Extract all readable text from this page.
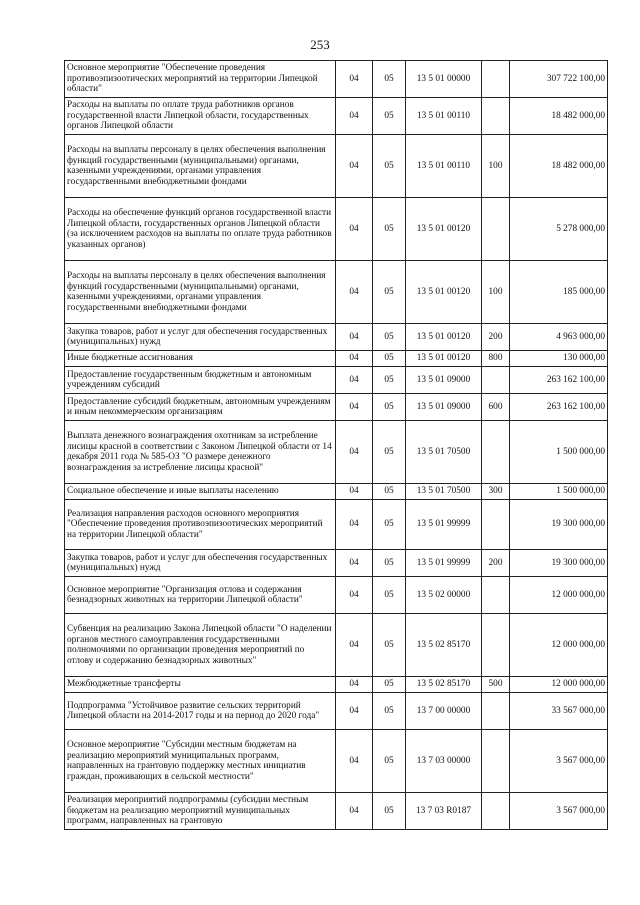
253
Основное мероприятие "Обеспечение проведения противоэпизоотических мероприятий на территории Липецкой области"	04	05	13 5 01 00000		307 722 100,00
Расходы на выплаты по оплате труда работников органов государственной власти Липецкой области, государственных органов Липецкой области	04	05	13 5 01 00110		18 482 000,00
Расходы на выплаты персоналу в целях обеспечения выполнения функций государственными (муниципальными) органами, казенными учреждениями, органами управления государственными внебюджетными фондами	04	05	13 5 01 00110	100	18 482 000,00
Расходы на обеспечение функций органов государственной власти Липецкой области, государственных органов Липецкой области (за исключением расходов на выплаты по оплате труда работников указанных органов)	04	05	13 5 01 00120		5 278 000,00
Расходы на выплаты персоналу в целях обеспечения выполнения функций государственными (муниципальными) органами, казенными учреждениями, органами управления государственными внебюджетными фондами	04	05	13 5 01 00120	100	185 000,00
Закупка товаров, работ и услуг для обеспечения государственных (муниципальных) нужд	04	05	13 5 01 00120	200	4 963 000,00
Иные бюджетные ассигнования	04	05	13 5 01 00120	800	130 000,00
Предоставление государственным бюджетным и автономным учреждениям субсидий	04	05	13 5 01 09000		263 162 100,00
Предоставление субсидий бюджетным, автономным учреждениям и иным некоммерческим организациям	04	05	13 5 01 09000	600	263 162 100,00
Выплата денежного вознаграждения охотникам за истребление лисицы красной в соответствии с Законом Липецкой области от 14 декабря 2011 года № 585-ОЗ "О размере денежного вознаграждения за истребление лисицы красной"	04	05	13 5 01 70500		1 500 000,00
Социальное обеспечение и иные выплаты населению	04	05	13 5 01 70500	300	1 500 000,00
Реализация направления расходов основного мероприятия "Обеспечение проведения противоэпизоотических мероприятий на территории Липецкой области"	04	05	13 5 01 99999		19 300 000,00
Закупка товаров, работ и услуг для обеспечения государственных (муниципальных) нужд	04	05	13 5 01 99999	200	19 300 000,00
Основное мероприятие "Организация отлова и содержания безнадзорных животных на территории Липецкой области"	04	05	13 5 02 00000		12 000 000,00
Субвенция на реализацию Закона Липецкой области "О наделении органов местного самоуправления государственными полномочиями по организации проведения мероприятий по отлову и содержанию безнадзорных животных"	04	05	13 5 02 85170		12 000 000,00
Межбюджетные трансферты	04	05	13 5 02 85170	500	12 000 000,00
Подпрограмма "Устойчивое развитие сельских территорий Липецкой области на 2014-2017 годы и на период до 2020 года"	04	05	13 7 00 00000		33 567 000,00
Основное мероприятие "Субсидии местным бюджетам на реализацию мероприятий муниципальных программ, направленных на грантовую поддержку местных инициатив граждан, проживающих в сельской местности"	04	05	13 7 03 00000		3 567 000,00
Реализация мероприятий подпрограммы (субсидии местным бюджетам на реализацию мероприятий муниципальных программ, направленных на грантовую	04	05	13 7 03 R0187		3 567 000,00
